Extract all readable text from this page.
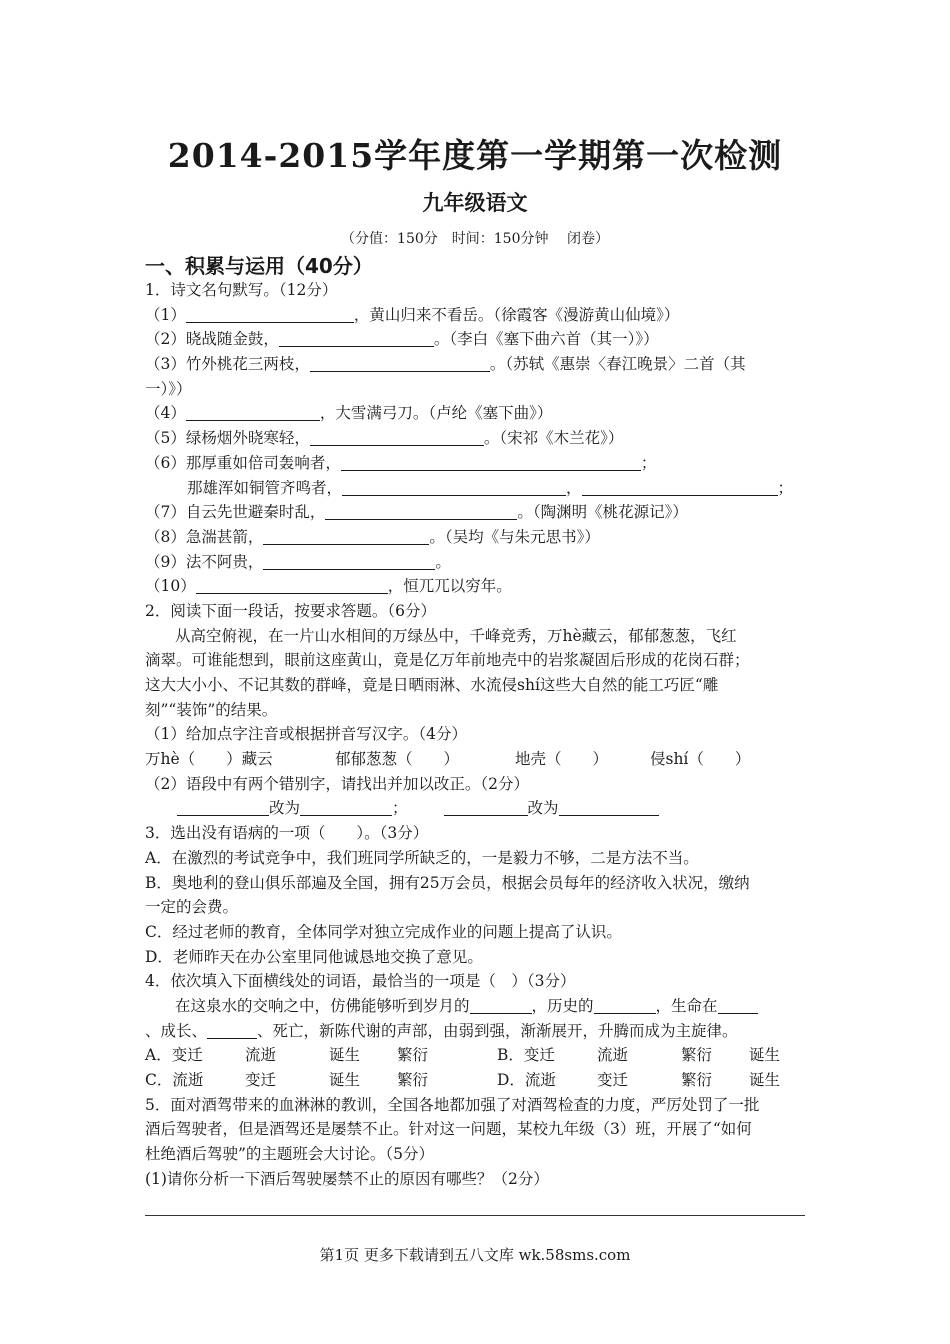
2014-2015学年度第一学期第一次检测
九年级语文
（分值：150分　时间：150分钟　 闭卷）
一、积累与运用（40分）
1．诗文名句默写。（12分）
（1）	，黄山归来不看岳。（徐霞客《漫游黄山仙境》）
（2）晓战随金鼓，	。（李白《塞下曲六首（其一）》）
（3）竹外桃花三两枝，	。（苏轼《惠崇〈春江晚景〉二首（其
一）》）
（4）	，大雪满弓刀。（卢纶《塞下曲》）
（5）绿杨烟外晓寒轻，	。（宋祁《木兰花》）
（6）那厚重如倍司轰响者，	；
那雄浑如铜管齐鸣者，	，	；
（7）自云先世避秦时乱，	。（陶渊明《桃花源记》）
（8）急湍甚箭，	。（吴均《与朱元思书》）
（9）法不阿贵，	。
（10）	，恒兀兀以穷年。
2．阅读下面一段话，按要求答题。（6分）
从高空俯视，在一片山水相间的万绿丛中，千峰竞秀，万hè藏云，郁郁葱葱，飞红
滴翠。可谁能想到，眼前这座黄山，竟是亿万年前地壳中的岩浆凝固后形成的花岗石群；
这大大小小、不记其数的群峰，竟是日晒雨淋、水流侵shí这些大自然的能工巧匠“雕
刻”“装饰”的结果。
（1）给加点字注音或根据拼音写汉字。（4分）
万hè（　　）藏云	郁郁葱葱（　　）	地壳（　　）	侵shí（　　）
（2）语段中有两个错别字，请找出并加以改正。（2分）
改为	；	改为
3．选出没有语病的一项（　　）。（3分）
A．在激烈的考试竞争中，我们班同学所缺乏的，一是毅力不够，二是方法不当。
B．奥地利的登山俱乐部遍及全国，拥有25万会员，根据会员每年的经济收入状况，缴纳
一定的会费。
C．经过老师的教育，全体同学对独立完成作业的问题上提高了认识。
D．老师昨天在办公室里同他诚恳地交换了意见。
4．依次填入下面横线处的词语，最恰当的一项是（　）（3分）
在这泉水的交响之中，仿佛能够听到岁月的	，历史的	，生命在
、成长、	、死亡，新陈代谢的声部，由弱到强，渐渐展开，升腾而成为主旋律。
A．变迁	流逝	诞生 繁衍	B．变迁	流逝	繁衍 诞生
C．流逝	变迁	诞生 繁衍	D．流逝	变迁	繁衍 诞生
5．面对酒驾带来的血淋淋的教训，全国各地都加强了对酒驾检查的力度，严厉处罚了一批
酒后驾驶者，但是酒驾还是屡禁不止。针对这一问题，某校九年级（3）班，开展了“如何
杜绝酒后驾驶”的主题班会大讨论。（5分）
(1)请你分析一下酒后驾驶屡禁不止的原因有哪些？（2分）
第1页 更多下载请到五八文库 wk.58sms.com
